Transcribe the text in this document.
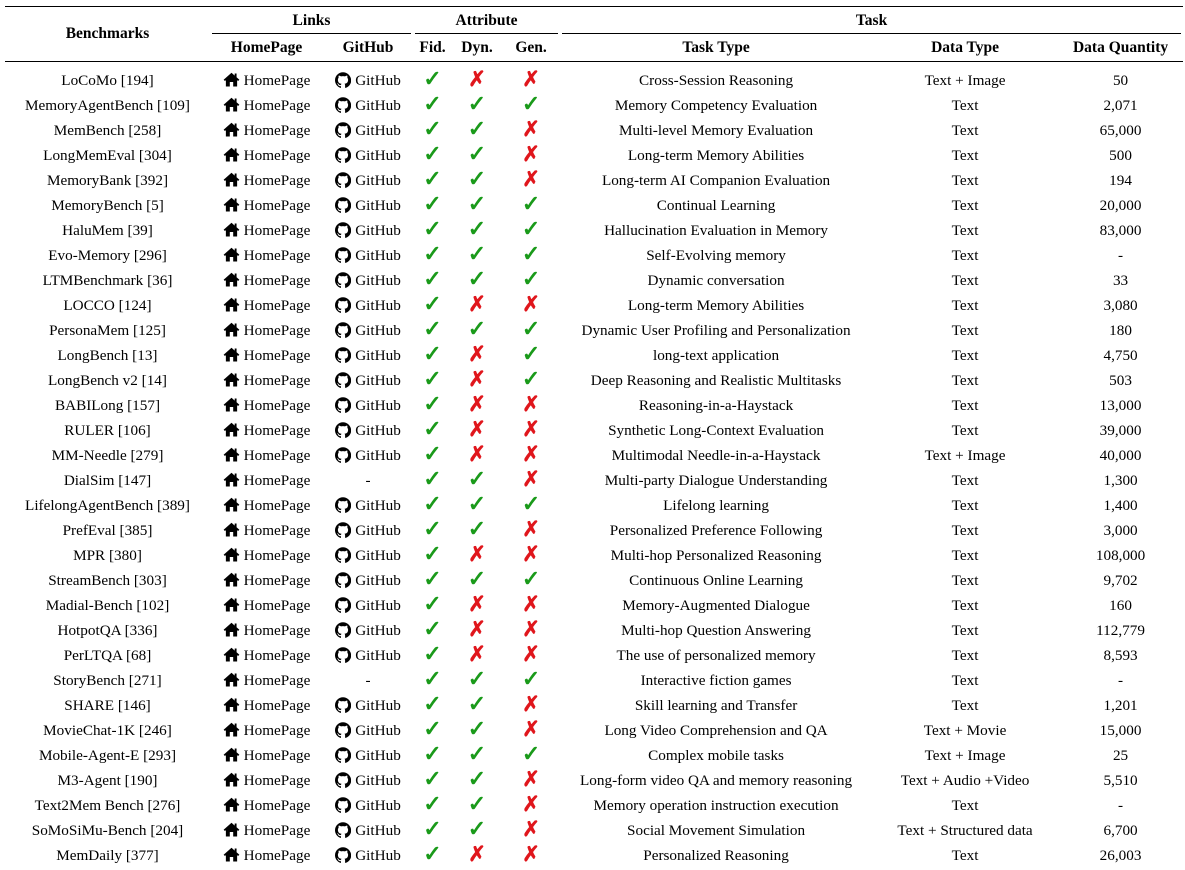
Benchmarks	Links		Attribute			Task		
	HomePage	GitHub	Fid.	Dyn.	Gen.	Task Type	Data Type	Data Quantity
LoCoMo [194]	HomePage	GitHub	✓	✗	✗	Cross-Session Reasoning	Text + Image	50
MemoryAgentBench [109]	HomePage	GitHub	✓	✓	✓	Memory Competency Evaluation	Text	2,071
MemBench [258]	HomePage	GitHub	✓	✓	✗	Multi-level Memory Evaluation	Text	65,000
LongMemEval [304]	HomePage	GitHub	✓	✓	✗	Long-term Memory Abilities	Text	500
MemoryBank [392]	HomePage	GitHub	✓	✓	✗	Long-term AI Companion Evaluation	Text	194
MemoryBench [5]	HomePage	GitHub	✓	✓	✓	Continual Learning	Text	20,000
HaluMem [39]	HomePage	GitHub	✓	✓	✓	Hallucination Evaluation in Memory	Text	83,000
Evo-Memory [296]	HomePage	GitHub	✓	✓	✓	Self-Evolving memory	Text	-
LTMBenchmark [36]	HomePage	GitHub	✓	✓	✓	Dynamic conversation	Text	33
LOCCO [124]	HomePage	GitHub	✓	✗	✗	Long-term Memory Abilities	Text	3,080
PersonaMem [125]	HomePage	GitHub	✓	✓	✓	Dynamic User Profiling and Personalization	Text	180
LongBench [13]	HomePage	GitHub	✓	✗	✓	long-text application	Text	4,750
LongBench v2 [14]	HomePage	GitHub	✓	✗	✓	Deep Reasoning and Realistic Multitasks	Text	503
BABILong [157]	HomePage	GitHub	✓	✗	✗	Reasoning-in-a-Haystack	Text	13,000
RULER [106]	HomePage	GitHub	✓	✗	✗	Synthetic Long-Context Evaluation	Text	39,000
MM-Needle [279]	HomePage	GitHub	✓	✗	✗	Multimodal Needle-in-a-Haystack	Text + Image	40,000
DialSim [147]	HomePage	-	✓	✓	✗	Multi-party Dialogue Understanding	Text	1,300
LifelongAgentBench [389]	HomePage	GitHub	✓	✓	✓	Lifelong learning	Text	1,400
PrefEval [385]	HomePage	GitHub	✓	✓	✗	Personalized Preference Following	Text	3,000
MPR [380]	HomePage	GitHub	✓	✗	✗	Multi-hop Personalized Reasoning	Text	108,000
StreamBench [303]	HomePage	GitHub	✓	✓	✓	Continuous Online Learning	Text	9,702
Madial-Bench [102]	HomePage	GitHub	✓	✗	✗	Memory-Augmented Dialogue	Text	160
HotpotQA [336]	HomePage	GitHub	✓	✗	✗	Multi-hop Question Answering	Text	112,779
PerLTQA [68]	HomePage	GitHub	✓	✗	✗	The use of personalized memory	Text	8,593
StoryBench [271]	HomePage	-	✓	✓	✓	Interactive fiction games	Text	-
SHARE [146]	HomePage	GitHub	✓	✓	✗	Skill learning and Transfer	Text	1,201
MovieChat-1K [246]	HomePage	GitHub	✓	✓	✗	Long Video Comprehension and QA	Text + Movie	15,000
Mobile-Agent-E [293]	HomePage	GitHub	✓	✓	✓	Complex mobile tasks	Text + Image	25
M3-Agent [190]	HomePage	GitHub	✓	✓	✗	Long-form video QA and memory reasoning	Text + Audio +Video	5,510
Text2Mem Bench [276]	HomePage	GitHub	✓	✓	✗	Memory operation instruction execution	Text	-
SoMoSiMu-Bench [204]	HomePage	GitHub	✓	✓	✗	Social Movement Simulation	Text + Structured data	6,700
MemDaily [377]	HomePage	GitHub	✓	✗	✗	Personalized Reasoning	Text	26,003
